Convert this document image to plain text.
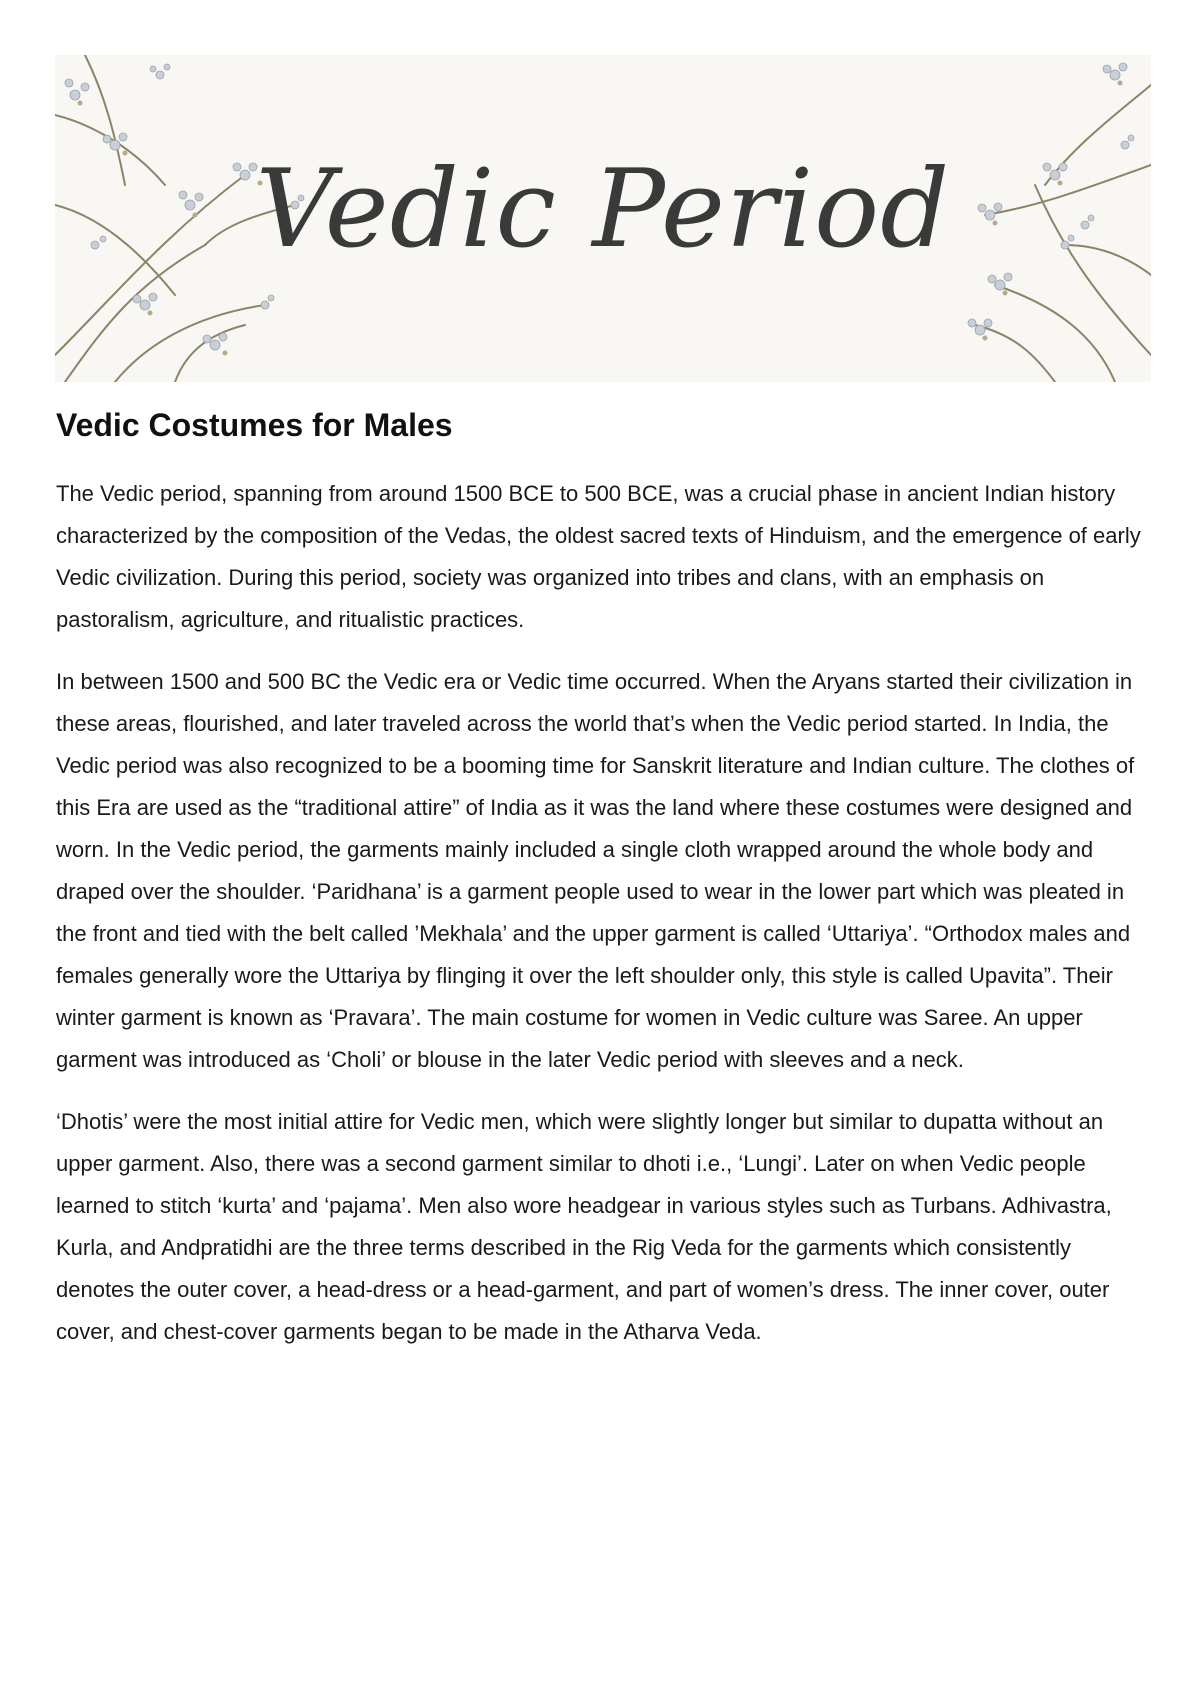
Vedic Period
Vedic Costumes for Males

The Vedic period, spanning from around 1500 BCE to 500 BCE, was a crucial phase in ancient Indian history characterized by the composition of the Vedas, the oldest sacred texts of Hinduism, and the emergence of early Vedic civilization. During this period, society was organized into tribes and clans, with an emphasis on pastoralism, agriculture, and ritualistic practices.

In between 1500 and 500 BC the Vedic era or Vedic time occurred. When the Aryans started their civilization in these areas, flourished, and later traveled across the world that’s when the Vedic period started. In India, the Vedic period was also recognized to be a booming time for Sanskrit literature and Indian culture. The clothes of this Era are used as the “traditional attire” of India as it was the land where these costumes were designed and worn. In the Vedic period, the garments mainly included a single cloth wrapped around the whole body and draped over the shoulder. ‘Paridhana’ is a garment people used to wear in the lower part which was pleated in the front and tied with the belt called ’Mekhala’ and the upper garment is called ‘Uttariya’. “Orthodox males and females generally wore the Uttariya by flinging it over the left shoulder only, this style is called Upavita”. Their winter garment is known as ‘Pravara’. The main costume for women in Vedic culture was Saree. An upper garment was introduced as ‘Choli’ or blouse in the later Vedic period with sleeves and a neck.

‘Dhotis’ were the most initial attire for Vedic men, which were slightly longer but similar to dupatta without an upper garment. Also, there was a second garment similar to dhoti i.e., ‘Lungi’. Later on when Vedic people learned to stitch ‘kurta’ and ‘pajama’. Men also wore headgear in various styles such as Turbans. Adhivastra, Kurla, and Andpratidhi are the three terms described in the Rig Veda for the garments which consistently denotes the outer cover, a head-dress or a head-garment, and part of women’s dress. The inner cover, outer cover, and chest-cover garments began to be made in the Atharva Veda.
